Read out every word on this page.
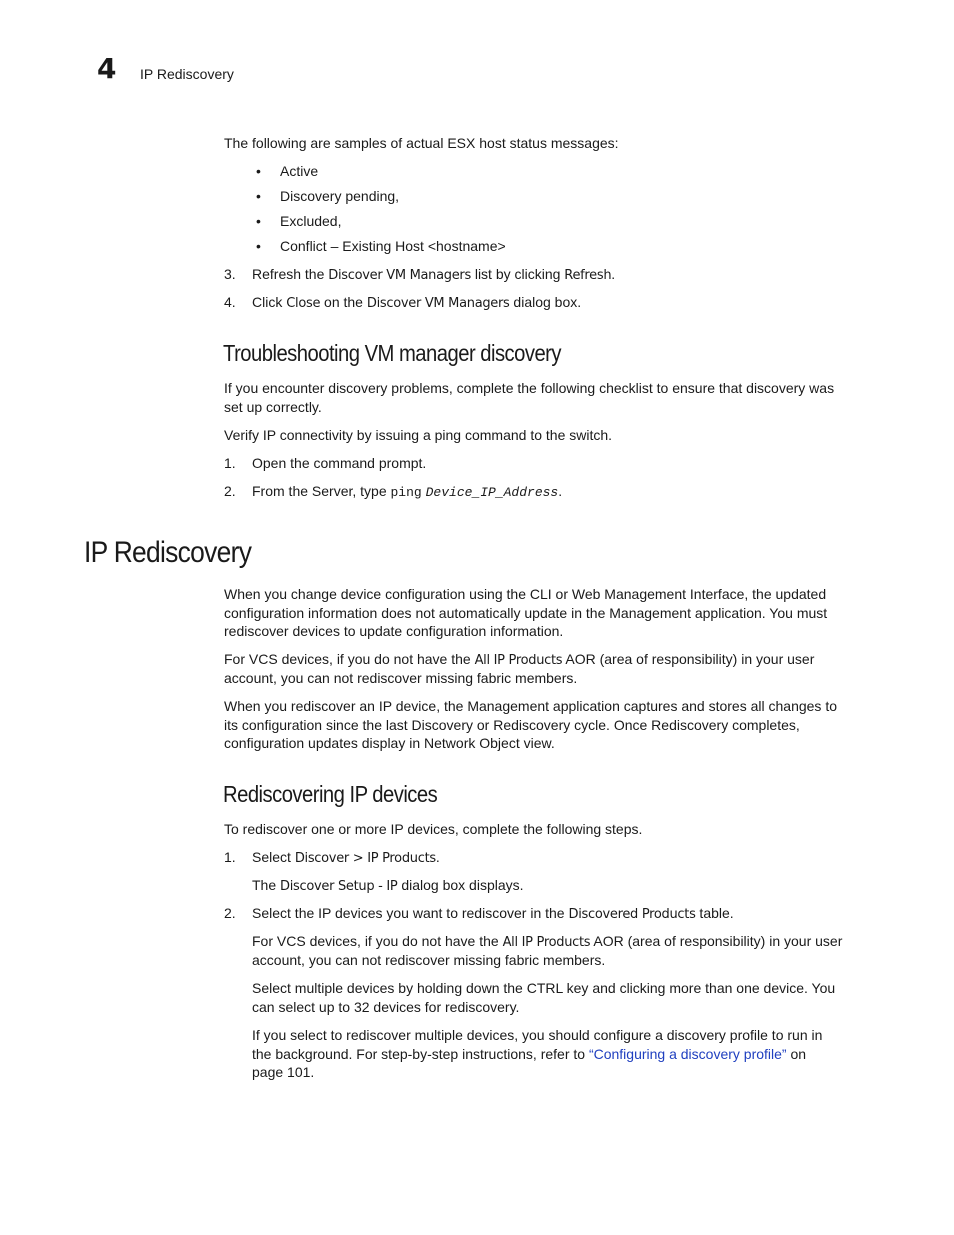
4 IP Rediscovery
The following are samples of actual ESX host status messages:
• Active
• Discovery pending,
• Excluded,
• Conflict – Existing Host <hostname>
3. Refresh the Discover VM Managers list by clicking Refresh.
4. Click Close on the Discover VM Managers dialog box.
Troubleshooting VM manager discovery
If you encounter discovery problems, complete the following checklist to ensure that discovery was
set up correctly.
Verify IP connectivity by issuing a ping command to the switch.
1. Open the command prompt.
2. From the Server, type ping Device_IP_Address.
IP Rediscovery
When you change device configuration using the CLI or Web Management Interface, the updated
configuration information does not automatically update in the Management application. You must
rediscover devices to update configuration information.
For VCS devices, if you do not have the All IP Products AOR (area of responsibility) in your user
account, you can not rediscover missing fabric members.
When you rediscover an IP device, the Management application captures and stores all changes to
its configuration since the last Discovery or Rediscovery cycle. Once Rediscovery completes,
configuration updates display in Network Object view.
Rediscovering IP devices
To rediscover one or more IP devices, complete the following steps.
1. Select Discover > IP Products.
The Discover Setup - IP dialog box displays.
2. Select the IP devices you want to rediscover in the Discovered Products table.
For VCS devices, if you do not have the All IP Products AOR (area of responsibility) in your user
account, you can not rediscover missing fabric members.
Select multiple devices by holding down the CTRL key and clicking more than one device. You
can select up to 32 devices for rediscovery.
If you select to rediscover multiple devices, you should configure a discovery profile to run in
the background. For step-by-step instructions, refer to “Configuring a discovery profile” on
page 101.
